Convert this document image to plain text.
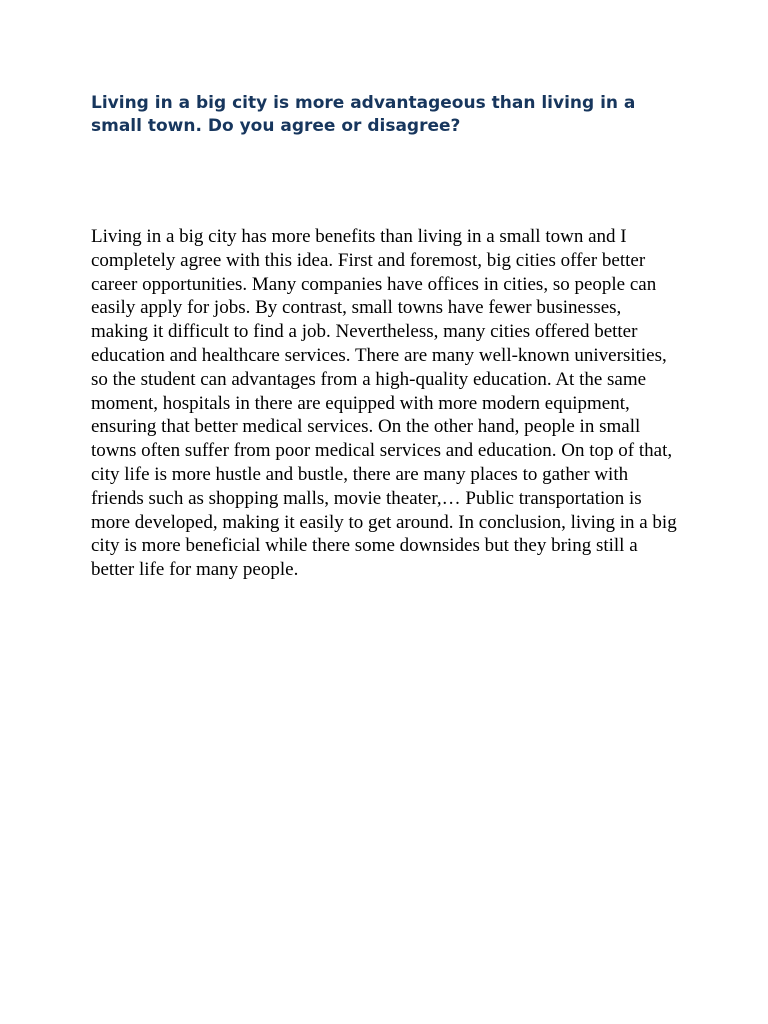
Living in a big city is more advantageous than living in a small town. Do you agree or disagree?

Living in a big city has more benefits than living in a small town and I completely agree with this idea. First and foremost, big cities offer better career opportunities. Many companies have offices in cities, so people can easily apply for jobs. By contrast, small towns have fewer businesses, making it difficult to find a job. Nevertheless, many cities offered better education and healthcare services. There are many well-known universities, so the student can advantages from a high-quality education. At the same moment, hospitals in there are equipped with more modern equipment, ensuring that better medical services. On the other hand, people in small towns often suffer from poor medical services and education. On top of that, city life is more hustle and bustle, there are many places to gather with friends such as shopping malls, movie theater,… Public transportation is more developed, making it easily to get around. In conclusion, living in a big city is more beneficial while there some downsides but they bring still a better life for many people.
